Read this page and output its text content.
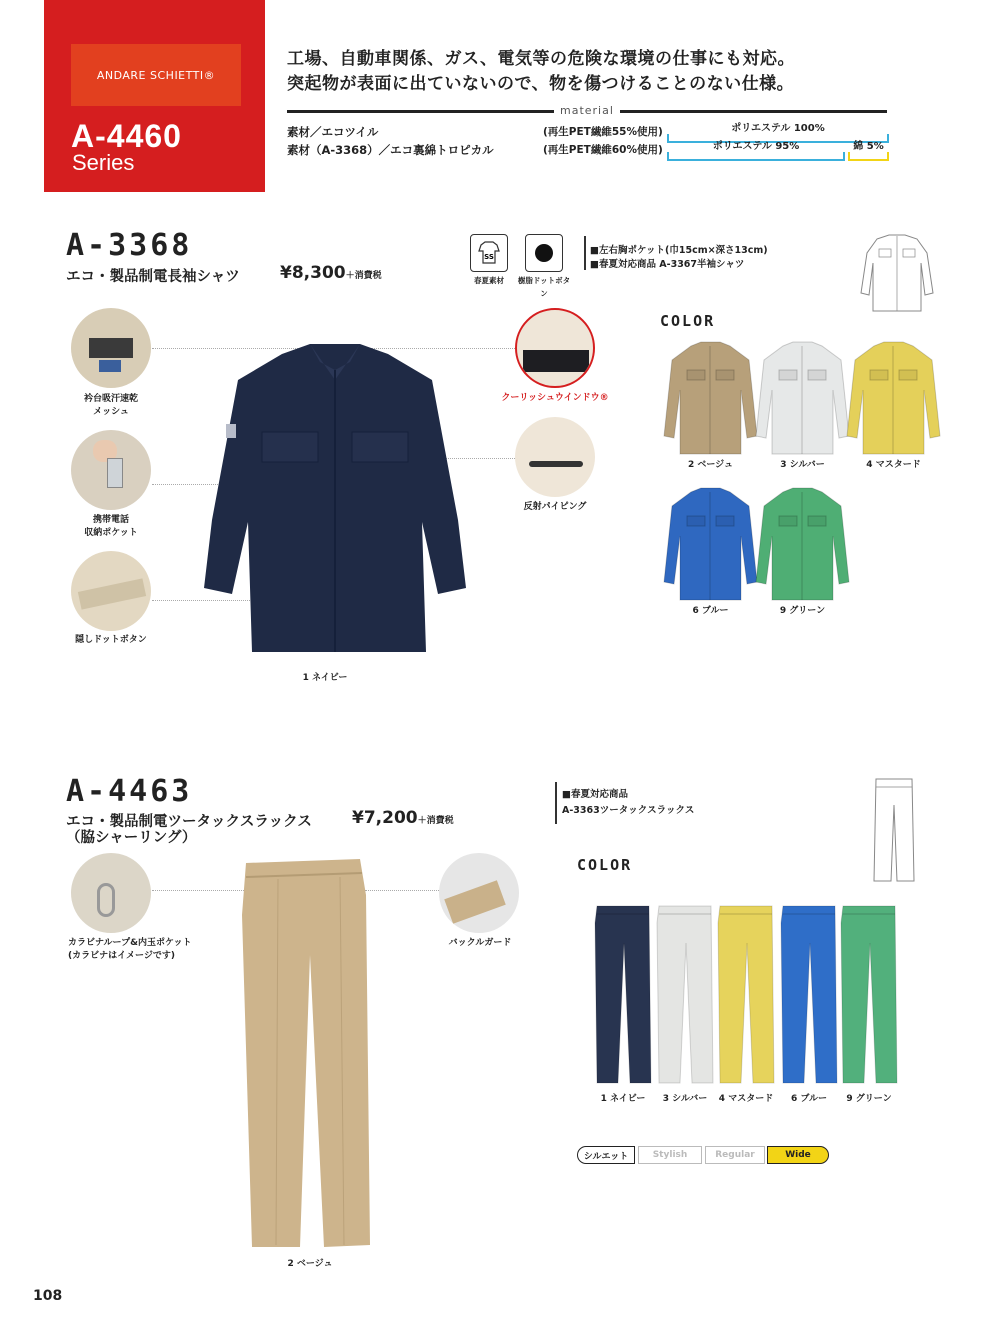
ANDARE SCHIETTI®
A-4460
Series
工場、自動車関係、ガス、電気等の危険な環境の仕事にも対応。
突起物が表面に出ていないので、物を傷つけることのない仕様。
material
素材／エコツイル
素材（A-3368）／エコ裏綿トロピカル
(再生PET繊維55%使用)
(再生PET繊維60%使用)
ポリエステル 100%
ポリエステル 95%	綿 5%
A-3368
エコ・製品制電長袖シャツ ¥8,300＋消費税
SS
春夏素材	樹脂ドットボタン
■左右胸ポケット(巾15cm×深さ13cm)
■春夏対応商品 A-3367半袖シャツ
衿台吸汗速乾
メッシュ
携帯電話
収納ポケット
隠しドットボタン
クーリッシュウインドウ®
反射パイピング
1 ネイビー
COLOR
2 ベージュ	3 シルバー	4 マスタード
6 ブルー	9 グリーン
A-4463
エコ・製品制電ツータックスラックス
（脇シャーリング）
¥7,200＋消費税
■春夏対応商品
A-3363ツータックスラックス
カラビナループ&内玉ポケット
(カラビナはイメージです)
バックルガード
2 ベージュ
COLOR
1 ネイビー	3 シルバー	4 マスタード	6 ブルー	9 グリーン
シルエット	Stylish	Regular	Wide
108
